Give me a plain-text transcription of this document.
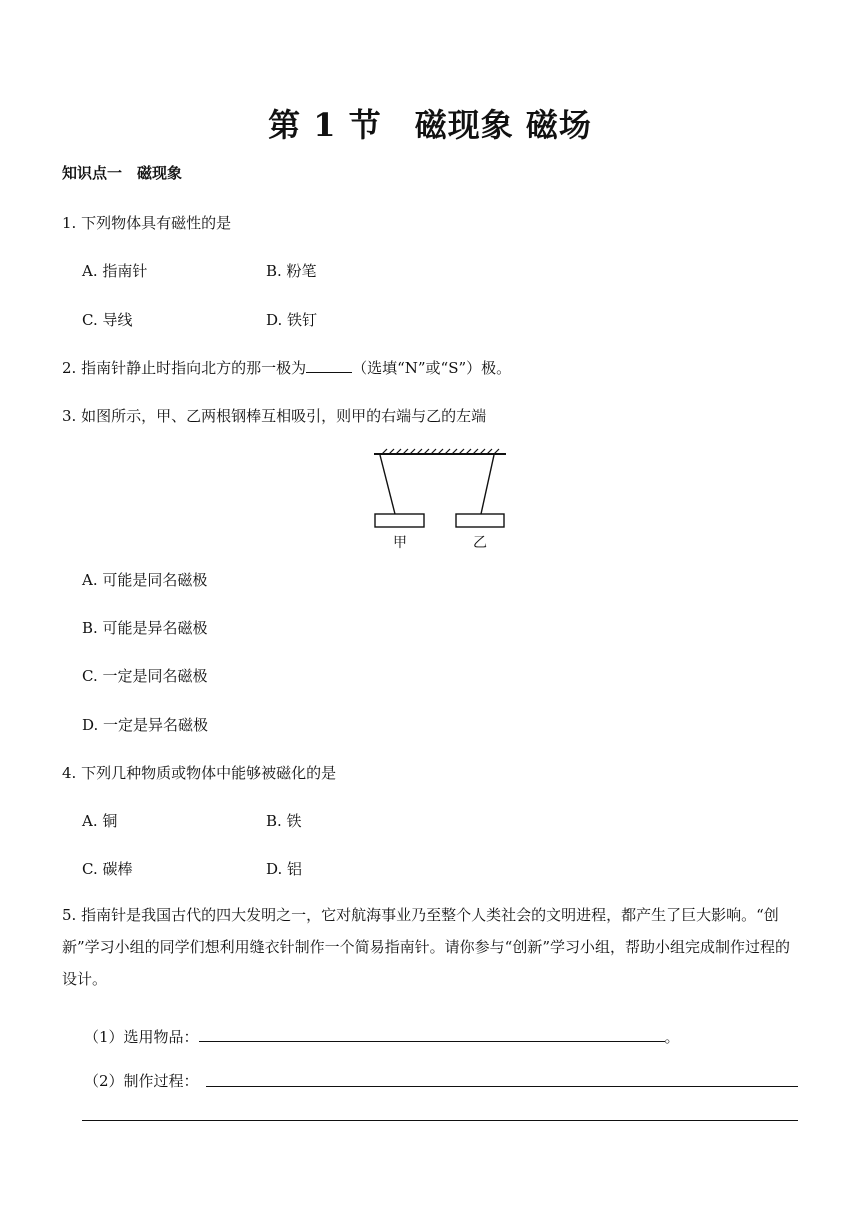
第 1 节　磁现象 磁场
知识点一　磁现象
1. 下列物体具有磁性的是
A. 指南针	B. 粉笔
C. 导线	D. 铁钉
2. 指南针静止时指向北方的那一极为	（选填“N”或“S”）极。
3. 如图所示，甲、乙两根钢棒互相吸引，则甲的右端与乙的左端
甲	乙
A. 可能是同名磁极
B. 可能是异名磁极
C. 一定是同名磁极
D. 一定是异名磁极
4. 下列几种物质或物体中能够被磁化的是
A. 铜	B. 铁
C. 碳棒	D. 铝
5. 指南针是我国古代的四大发明之一，它对航海事业乃至整个人类社会的文明进程，都产生了巨大影响。“创新”学习小组的同学们想利用缝衣针制作一个简易指南针。请你参与“创新”学习小组，帮助小组完成制作过程的设计。
（1）选用物品：	。
（2）制作过程：
